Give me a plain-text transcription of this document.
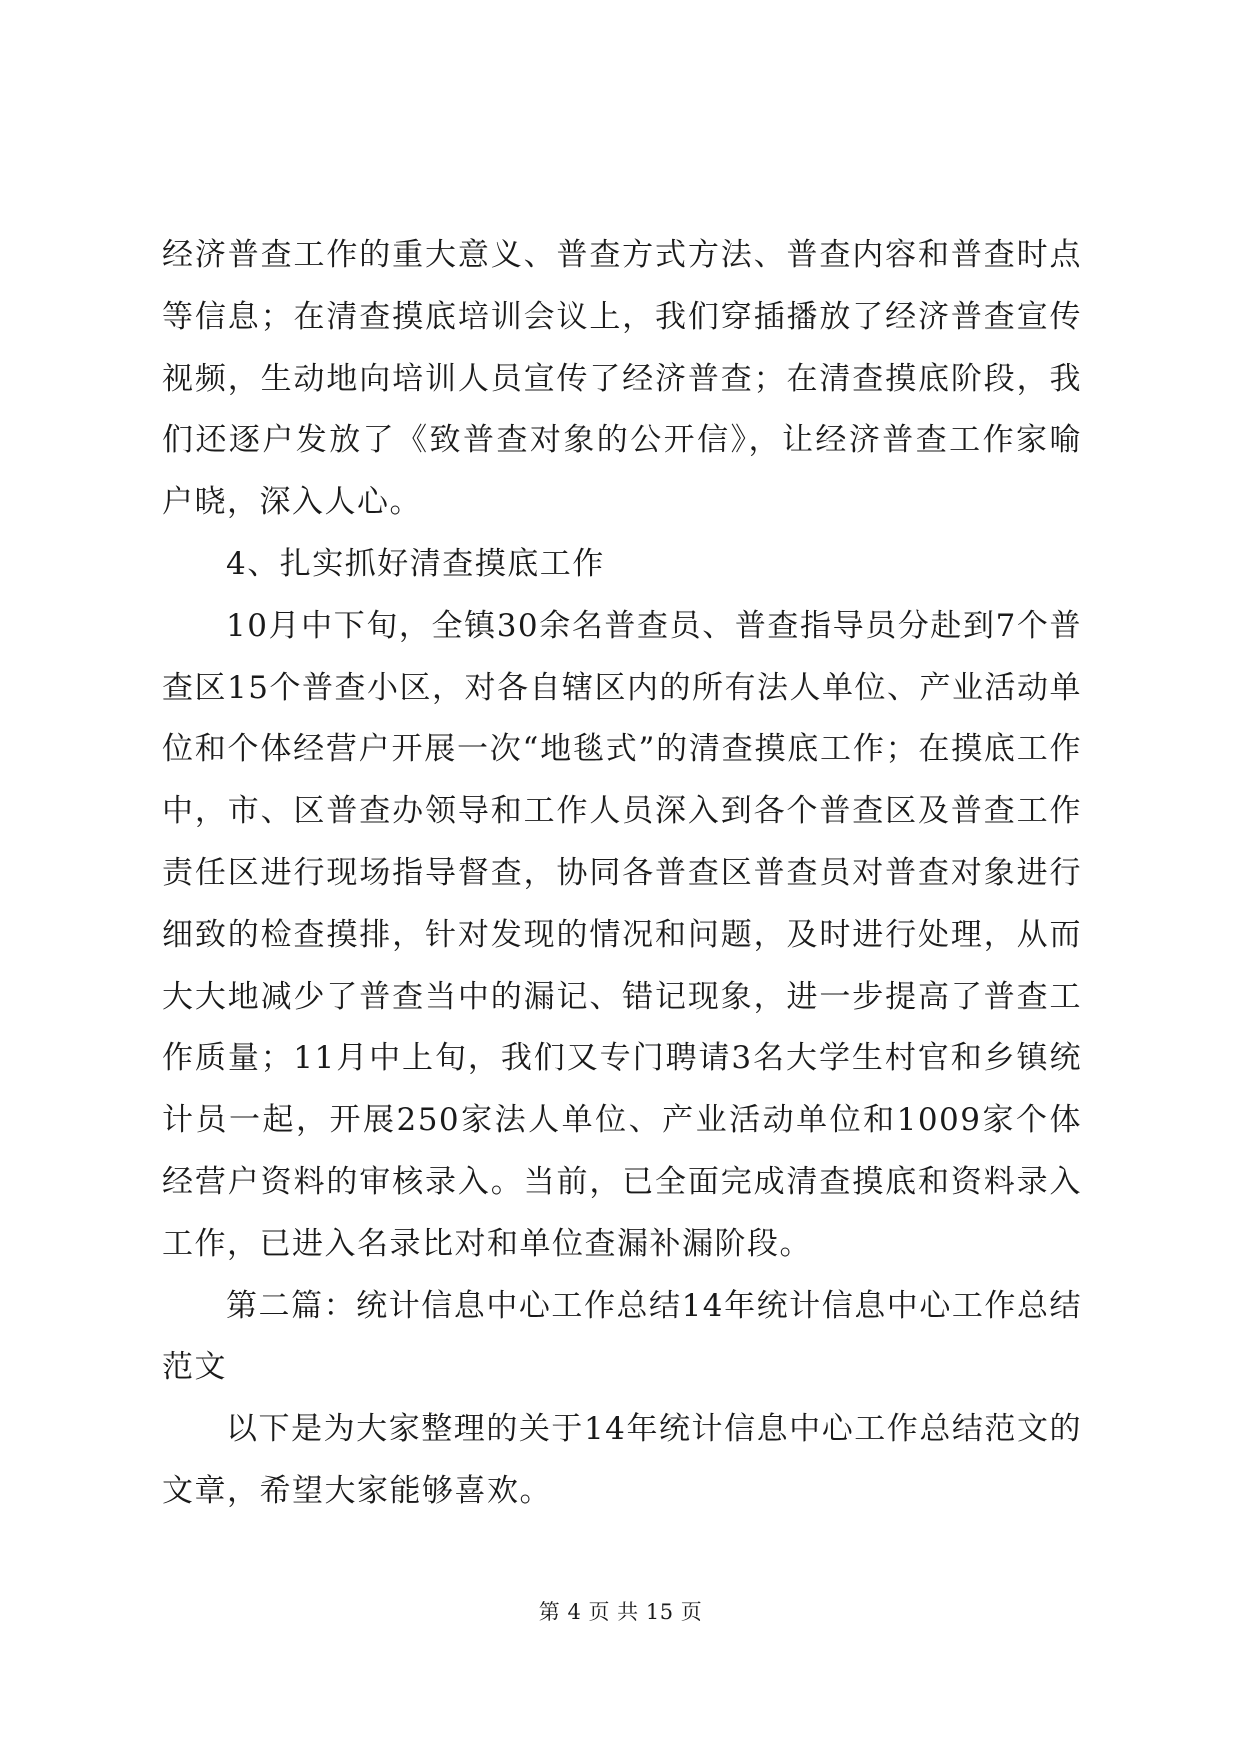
经济普查工作的重大意义、普查方式方法、普查内容和普查时点等信息；在清查摸底培训会议上，我们穿插播放了经济普查宣传视频，生动地向培训人员宣传了经济普查；在清查摸底阶段，我们还逐户发放了《致普查对象的公开信》，让经济普查工作家喻户晓，深入人心。

4、扎实抓好清查摸底工作

10月中下旬，全镇30余名普查员、普查指导员分赴到7个普查区15个普查小区，对各自辖区内的所有法人单位、产业活动单位和个体经营户开展一次“地毯式”的清查摸底工作；在摸底工作中，市、区普查办领导和工作人员深入到各个普查区及普查工作责任区进行现场指导督查，协同各普查区普查员对普查对象进行细致的检查摸排，针对发现的情况和问题，及时进行处理，从而大大地减少了普查当中的漏记、错记现象，进一步提高了普查工作质量；11月中上旬，我们又专门聘请3名大学生村官和乡镇统计员一起，开展250家法人单位、产业活动单位和1009家个体经营户资料的审核录入。当前，已全面完成清查摸底和资料录入工作，已进入名录比对和单位查漏补漏阶段。

第二篇：统计信息中心工作总结14年统计信息中心工作总结范文

以下是为大家整理的关于14年统计信息中心工作总结范文的文章，希望大家能够喜欢。

第 4 页 共 15 页
